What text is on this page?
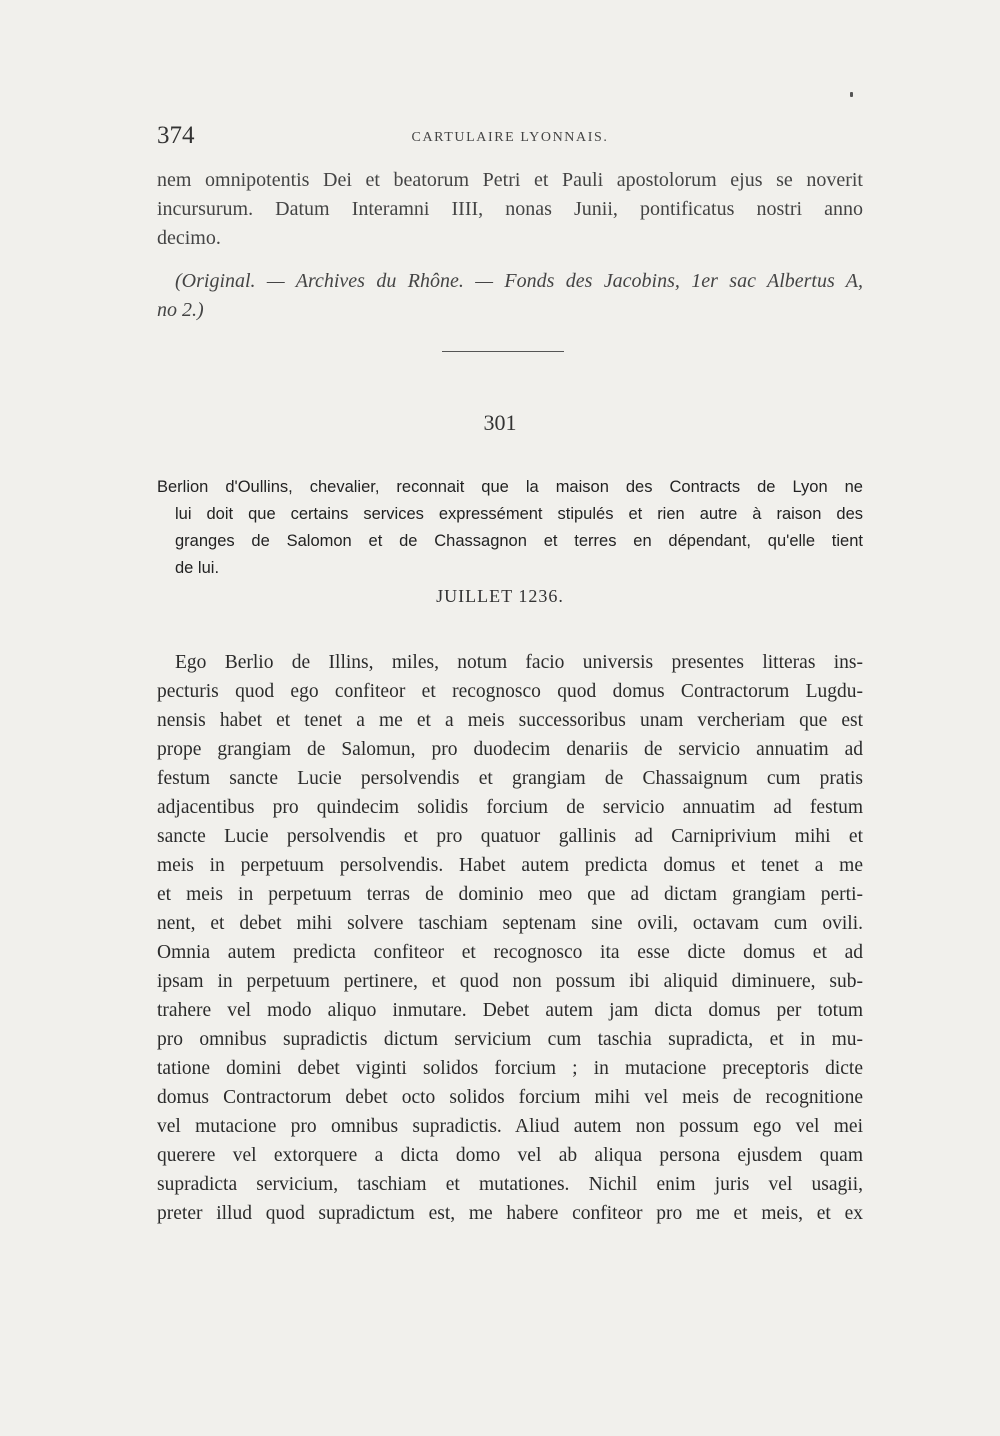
374	CARTULAIRE LYONNAIS.
nem omnipotentis Dei et beatorum Petri et Pauli apostolorum ejus se noverit
incursurum. Datum Interamni IIII, nonas Junii, pontificatus nostri anno
decimo.
(Original. — Archives du Rhône. — Fonds des Jacobins, 1er sac Albertus A,
no 2.)
301
Berlion d'Oullins, chevalier, reconnait que la maison des Contracts de Lyon ne
lui doit que certains services expressément stipulés et rien autre à raison des
granges de Salomon et de Chassagnon et terres en dépendant, qu'elle tient
de lui.
JUILLET 1236.
Ego Berlio de Illins, miles, notum facio universis presentes litteras ins-
pecturis quod ego confiteor et recognosco quod domus Contractorum Lugdu-
nensis habet et tenet a me et a meis successoribus unam vercheriam que est
prope grangiam de Salomun, pro duodecim denariis de servicio annuatim ad
festum sancte Lucie persolvendis et grangiam de Chassaignum cum pratis
adjacentibus pro quindecim solidis forcium de servicio annuatim ad festum
sancte Lucie persolvendis et pro quatuor gallinis ad Carniprivium mihi et
meis in perpetuum persolvendis. Habet autem predicta domus et tenet a me
et meis in perpetuum terras de dominio meo que ad dictam grangiam perti-
nent, et debet mihi solvere taschiam septenam sine ovili, octavam cum ovili.
Omnia autem predicta confiteor et recognosco ita esse dicte domus et ad
ipsam in perpetuum pertinere, et quod non possum ibi aliquid diminuere, sub-
trahere vel modo aliquo inmutare. Debet autem jam dicta domus per totum
pro omnibus supradictis dictum servicium cum taschia supradicta, et in mu-
tatione domini debet viginti solidos forcium ; in mutacione preceptoris dicte
domus Contractorum debet octo solidos forcium mihi vel meis de recognitione
vel mutacione pro omnibus supradictis. Aliud autem non possum ego vel mei
querere vel extorquere a dicta domo vel ab aliqua persona ejusdem quam
supradicta servicium, taschiam et mutationes. Nichil enim juris vel usagii,
preter illud quod supradictum est, me habere confiteor pro me et meis, et ex
